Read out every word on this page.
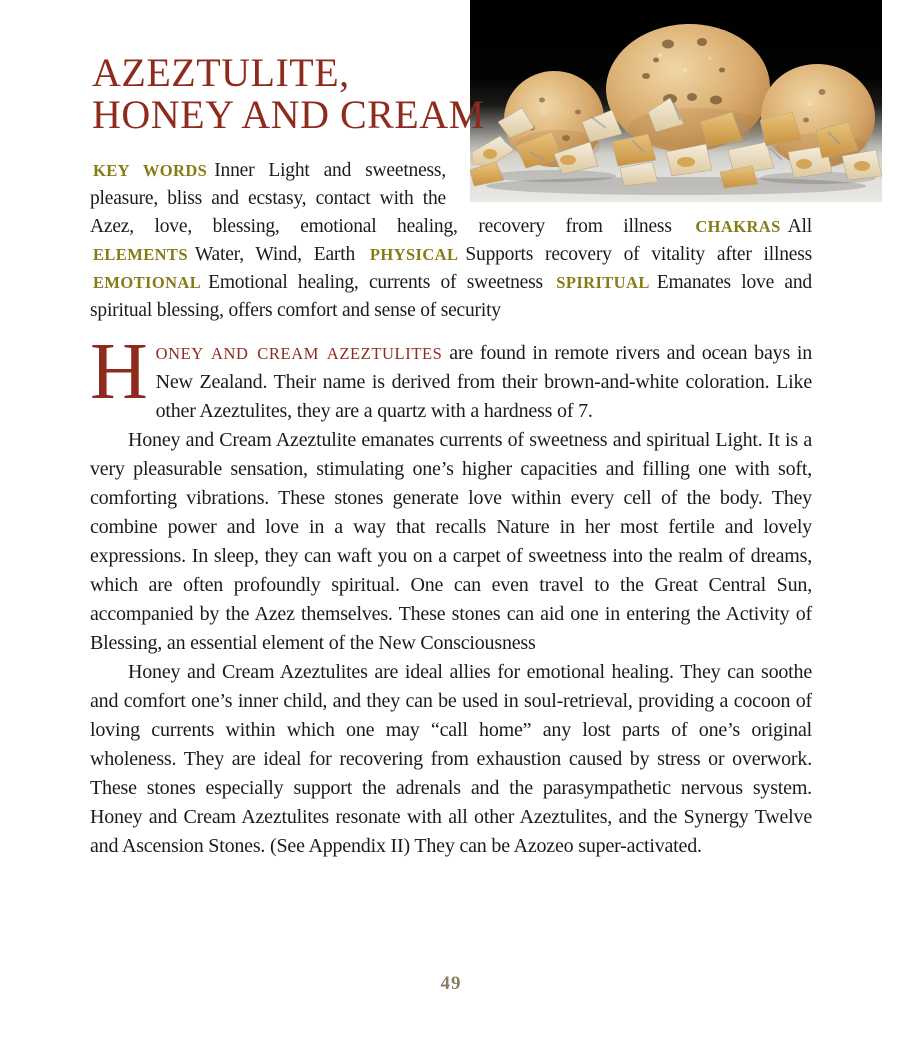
AZEZTULITE,
HONEY AND CREAM
KEY WORDS Inner Light and sweetness, pleasure, bliss and ecstasy, contact with the Azez, love, blessing, emotional healing, recovery from illness CHAKRAS All ELEMENTS Water, Wind, Earth PHYSICAL Supports recovery of vitality after illness EMOTIONAL Emotional healing, currents of sweetness SPIRITUAL Emanates love and spiritual blessing, offers comfort and sense of security

HONEY AND CREAM AZEZTULITES are found in remote rivers and ocean bays in New Zealand. Their name is derived from their brown-and-white coloration. Like other Azeztulites, they are a quartz with a hardness of 7.

Honey and Cream Azeztulite emanates currents of sweetness and spiritual Light. It is a very pleasurable sensation, stimulating one’s higher capacities and filling one with soft, comforting vibrations. These stones generate love within every cell of the body. They combine power and love in a way that recalls Nature in her most fertile and lovely expressions. In sleep, they can waft you on a carpet of sweetness into the realm of dreams, which are often profoundly spiritual. One can even travel to the Great Central Sun, accompanied by the Azez themselves. These stones can aid one in entering the Activity of Blessing, an essential element of the New Consciousness

Honey and Cream Azeztulites are ideal allies for emotional healing. They can soothe and comfort one’s inner child, and they can be used in soul-retrieval, providing a cocoon of loving currents within which one may “call home” any lost parts of one’s original wholeness. They are ideal for recovering from exhaustion caused by stress or overwork. These stones especially support the adrenals and the parasympathetic nervous system. Honey and Cream Azeztulites resonate with all other Azeztulites, and the Synergy Twelve and Ascension Stones. (See Appendix II) They can be Azozeo super-activated.

49
